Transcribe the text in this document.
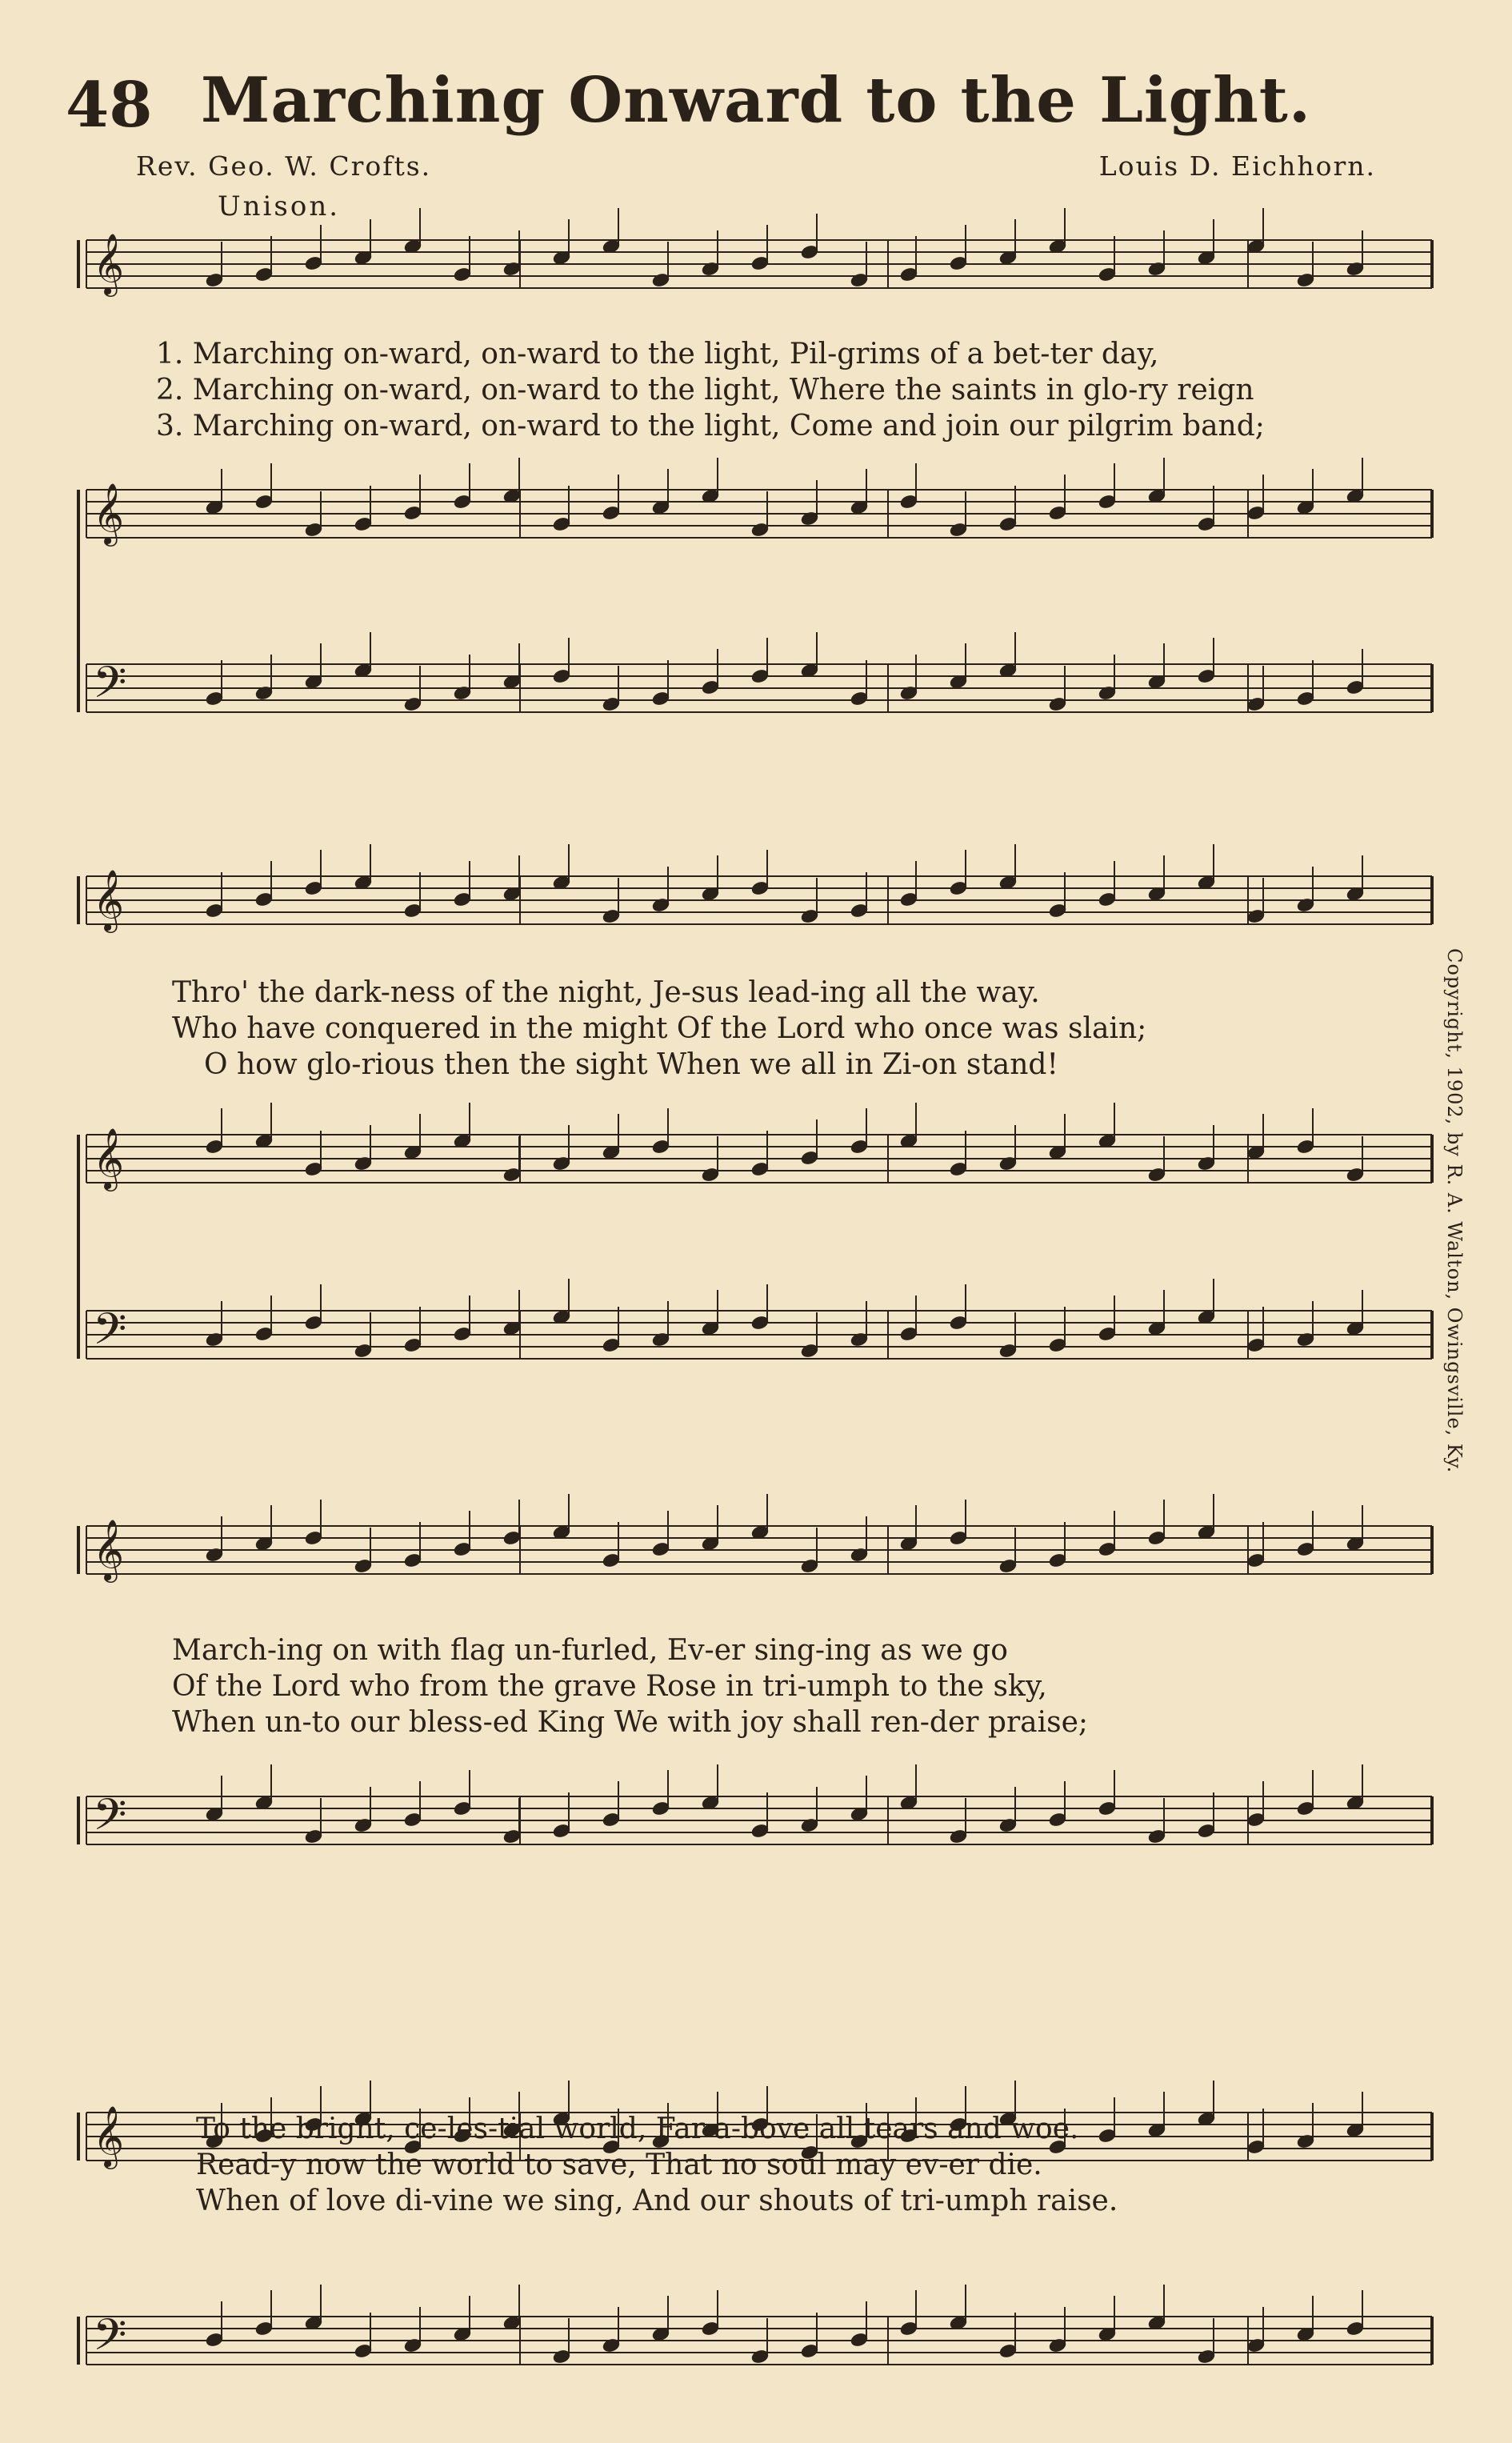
48 Marching Onward to the Light.
Rev. Geo. W. Crofts.	Louis D. Eichhorn.
Unison.
Copyright, 1902, by R. A. Walton, Owingsville, Ky.
𝄞
𝄞
𝄢
𝄞
𝄞
𝄢
𝄞
𝄢
𝄞
𝄢
1. Marching on-ward, on-ward to the light, Pil-grims of a bet-ter day,
2. Marching on-ward, on-ward to the light, Where the saints in glo-ry reign
3. Marching on-ward, on-ward to the light, Come and join our pilgrim band;
Thro' the dark-ness of the night, Je-sus lead-ing all the way.
Who have conquered in the might Of the Lord who once was slain;
O how glo-rious then the sight When we all in Zi-on stand!
March-ing on with flag un-furled, Ev-er sing-ing as we go
Of the Lord who from the grave Rose in tri-umph to the sky,
When un-to our bless-ed King We with joy shall ren-der praise;
To the bright, ce-les-tial world, Far a-bove all tears and woe.
Read-y now the world to save, That no soul may ev-er die.
When of love di-vine we sing, And our shouts of tri-umph raise.
